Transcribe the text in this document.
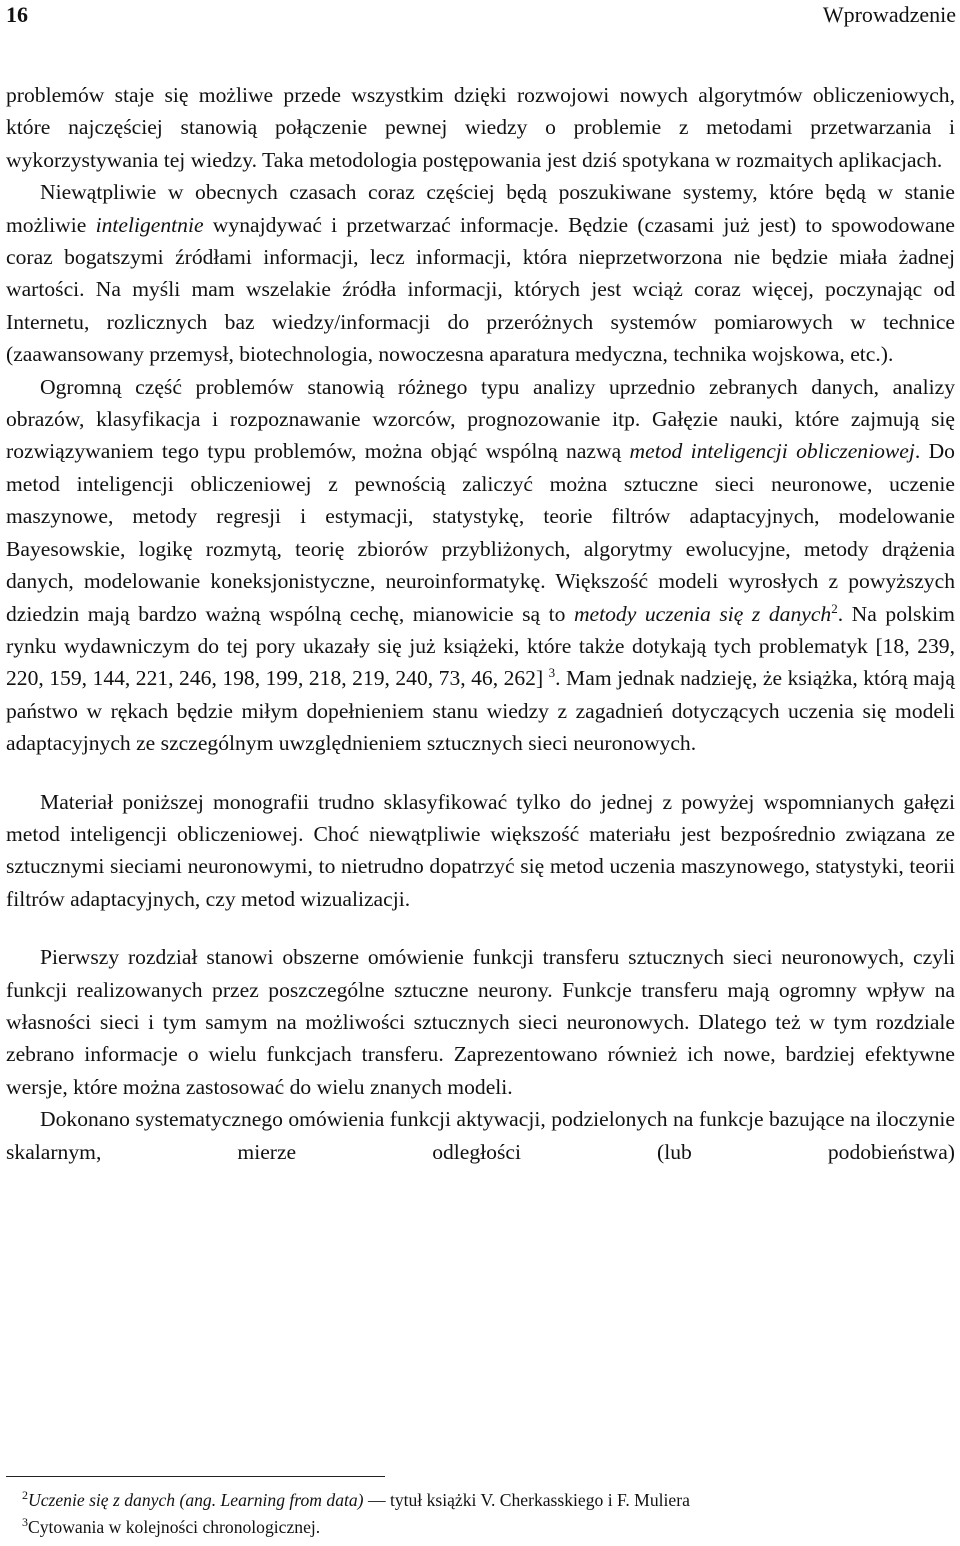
16	Wprowadzenie

problemów staje się możliwe przede wszystkim dzięki rozwojowi nowych algorytmów obliczeniowych, które najczęściej stanowią połączenie pewnej wiedzy o problemie z metodami przetwarzania i wykorzystywania tej wiedzy. Taka metodologia postępowania jest dziś spotykana w rozmaitych aplikacjach.

Niewątpliwie w obecnych czasach coraz częściej będą poszukiwane systemy, które będą w stanie możliwie inteligentnie wynajdywać i przetwarzać informacje. Będzie (czasami już jest) to spowodowane coraz bogatszymi źródłami informacji, lecz informacji, która nieprzetworzona nie będzie miała żadnej wartości. Na myśli mam wszelakie źródła informacji, których jest wciąż coraz więcej, poczynając od Internetu, rozlicznych baz wiedzy/informacji do przeróżnych systemów pomiarowych w technice (zaawansowany przemysł, biotechnologia, nowoczesna aparatura medyczna, technika wojskowa, etc.).

Ogromną część problemów stanowią różnego typu analizy uprzednio zebranych danych, analizy obrazów, klasyfikacja i rozpoznawanie wzorców, prognozowanie itp. Gałęzie nauki, które zajmują się rozwiązywaniem tego typu problemów, można objąć wspólną nazwą metod inteligencji obliczeniowej. Do metod inteligencji obliczeniowej z pewnością zaliczyć można sztuczne sieci neuronowe, uczenie maszynowe, metody regresji i estymacji, statystykę, teorie filtrów adaptacyjnych, modelowanie Bayesowskie, logikę rozmytą, teorię zbiorów przybliżonych, algorytmy ewolucyjne, metody drążenia danych, modelowanie koneksjonistyczne, neuroinformatykę. Większość modeli wyrosłych z powyższych dziedzin mają bardzo ważną wspólną cechę, mianowicie są to metody uczenia się z danych$^2$. Na polskim rynku wydawniczym do tej pory ukazały się już książeki, które także dotykają tych problematyk [18, 239, 220, 159, 144, 221, 246, 198, 199, 218, 219, 240, 73, 46, 262] $^3$. Mam jednak nadzieję, że książka, którą mają państwo w rękach będzie miłym dopełnieniem stanu wiedzy z zagadnień dotyczących uczenia się modeli adaptacyjnych ze szczególnym uwzględnieniem sztucznych sieci neuronowych.

Materiał poniższej monografii trudno sklasyfikować tylko do jednej z powyżej wspomnianych gałęzi metod inteligencji obliczeniowej. Choć niewątpliwie większość materiału jest bezpośrednio związana ze sztucznymi sieciami neuronowymi, to nietrudno dopatrzyć się metod uczenia maszynowego, statystyki, teorii filtrów adaptacyjnych, czy metod wizualizacji.

Pierwszy rozdział stanowi obszerne omówienie funkcji transferu sztucznych sieci neuronowych, czyli funkcji realizowanych przez poszczególne sztuczne neurony. Funkcje transferu mają ogromny wpływ na własności sieci i tym samym na możliwości sztucznych sieci neuronowych. Dlatego też w tym rozdziale zebrano informacje o wielu funkcjach transferu. Zaprezentowano również ich nowe, bardziej efektywne wersje, które można zastosować do wielu znanych modeli.

Dokonano systematycznego omówienia funkcji aktywacji, podzielonych na funkcje bazujące na iloczynie skalarnym, mierze odległości (lub podobieństwa)

$^2$Uczenie się z danych (ang. Learning from data) — tytuł książki V. Cherkasskiego i F. Muliera
$^3$Cytowania w kolejności chronologicznej.
